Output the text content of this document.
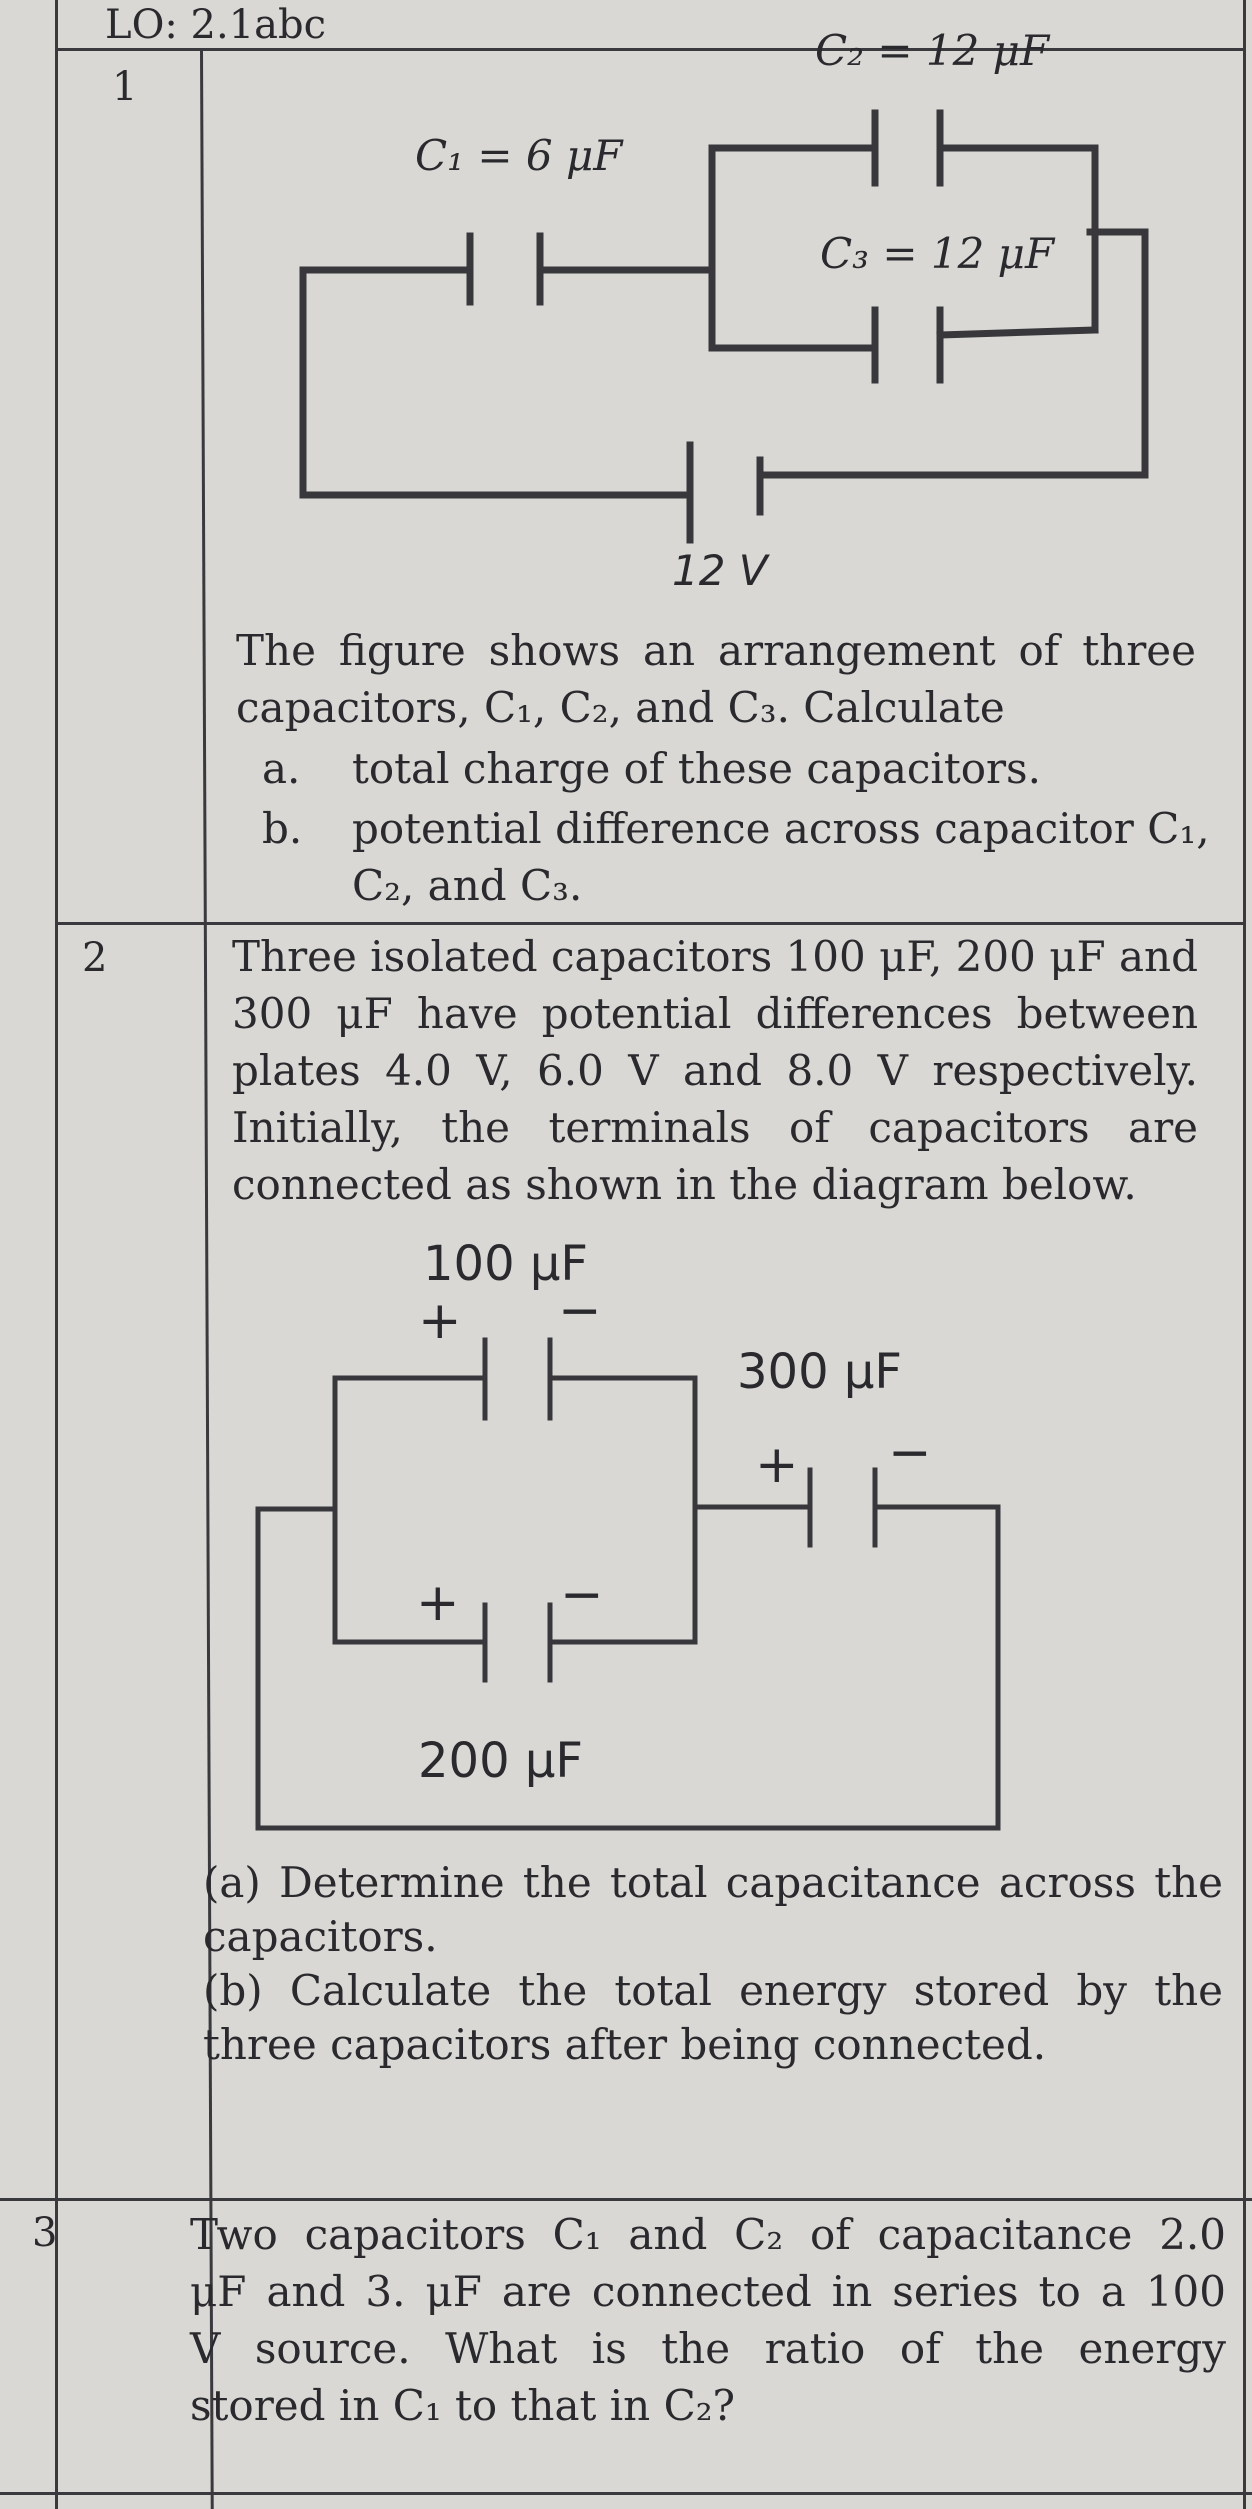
LO: 2.1abc
1
C₁ = 6 μF
C₂ = 12 μF
C₃ = 12 μF
12 V
The figure shows an arrangement of three
capacitors, C₁, C₂, and C₃. Calculate
a. total charge of these capacitors.
b. potential difference across capacitor C₁,
C₂, and C₃.
2	Three isolated capacitors 100 μF, 200 μF and
300 μF have potential differences between
plates 4.0 V, 6.0 V and 8.0 V respectively.
Initially, the terminals of capacitors are
connected as shown in the diagram below.
100 μF
300 μF
200 μF
+ −
+ −
+ −
(a) Determine the total capacitance across the
capacitors.
(b) Calculate the total energy stored by the
three capacitors after being connected.
3	Two capacitors C₁ and C₂ of capacitance 2.0
μF and 3. μF are connected in series to a 100
V source. What is the ratio of the energy
stored in C₁ to that in C₂?
